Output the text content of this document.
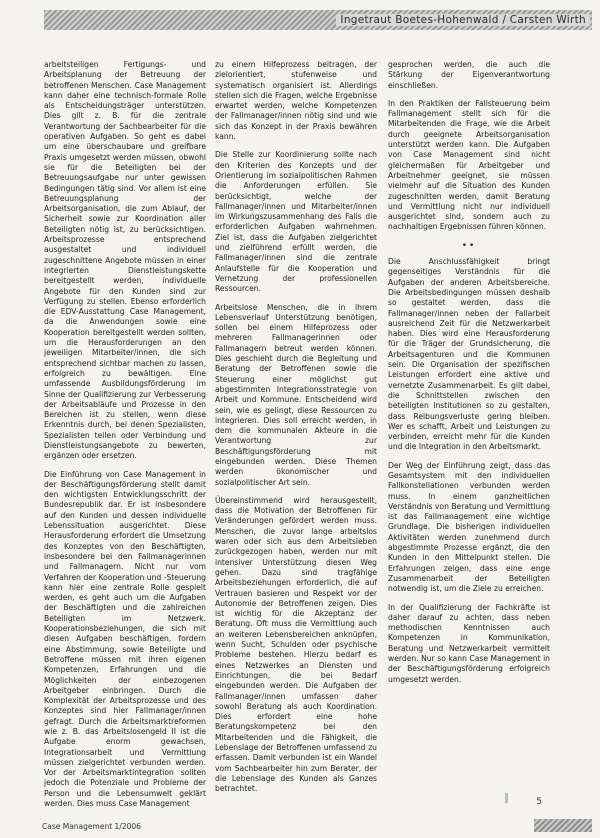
Ingetraut Boetes-Hohenwald / Carsten Wirth

arbeitsteiligen Fertigungs- und Arbeitsplanung der Betreuung der betroffenen Menschen. Case Management kann daher eine technisch-formale Rolle als Entscheidungsträger unterstützen. Dies gilt z. B. für die zentrale Verantwortung der Sachbearbeiter für die operativen Aufgaben. So geht es dabei um eine überschaubare und greifbare Praxis umgesetzt werden müssen, obwohl sie für die Beteiligten bei der Betreuungsaufgabe nur unter gewissen Bedingungen tätig sind. Vor allem ist eine Betreuungsplanung der Arbeitsorganisation, die zum Ablauf, der Sicherheit sowie zur Koordination aller Beteiligten nötig ist, zu berücksichtigen. Arbeitsprozesse entsprechend ausgestaltet und individuell zugeschnittene Angebote müssen in einer integrierten Dienstleistungskette bereitgestellt werden, individuelle Angebote für den Kunden sind zur Verfügung zu stellen. Ebenso erforderlich die EDV-Ausstattung Case Management, da die Anwendungen sowie eine Kooperation bereitgestellt werden sollten, um die Herausforderungen an den jeweiligen Mitarbeiter/innen, die sich entsprechend sichtbar machen zu lassen, erfolgreich zu bewältigen. Eine umfassende Ausbildungsförderung im Sinne der Qualifizierung zur Verbesserung der Arbeitsabläufe und Prozesse in den Bereichen ist zu stellen, wenn diese Erkenntnis durch, bei denen Spezialisten, Spezialisten teilen oder Verbindung und Dienstleistungsangebote zu bewerten, ergänzen oder ersetzen.

Die Einführung von Case Management in der Beschäftigungsförderung stellt damit den wichtigsten Entwicklungsschritt der Bundesrepublik dar. Er ist insbesondere auf den Kunden und dessen individuelle Lebenssituation ausgerichtet. Diese Herausforderung erfordert die Umsetzung des Konzeptes von den Beschäftigten, insbesondere bei den Fallmanagerinnen und Fallmanagern. Nicht nur vom Verfahren der Kooperation und -Steuerung kann hier eine zentrale Rolle gespielt werden, es geht auch um die Aufgaben der Beschäftigten und die zahlreichen Beteiligten im Netzwerk. Kooperationsbeziehungen, die sich mit diesen Aufgaben beschäftigen, fordern eine Abstimmung, sowie Beteiligte und Betroffene müssen mit ihren eigenen Kompetenzen, Erfahrungen und die Möglichkeiten der einbezogenen Arbeitgeber einbringen. Durch die Komplexität der Arbeitsprozesse und des Konzeptes sind hier Fallmanager/innen gefragt. Durch die Arbeitsmarktreformen wie z. B. das Arbeitslosengeld II ist die Aufgabe enorm gewachsen, Integrationsarbeit und Vermittlung müssen zielgerichtet verbunden werden. Vor der Arbeitsmarktintegration sollten jedoch die Potenziale und Probleme der Person und die Lebensumwelt geklärt werden. Dies muss Case Management

zu einem Hilfeprozess beitragen, der zielorientiert, stufenweise und systematisch organisiert ist. Allerdings stellen sich die Fragen, welche Ergebnisse erwartet werden, welche Kompetenzen der Fallmanager/innen nötig sind und wie sich das Konzept in der Praxis bewähren kann.

Die Stelle zur Koordinierung sollte nach den Kriterien des Konzepts und der Orientierung im sozialpolitischen Rahmen die Anforderungen erfüllen. Sie berücksichtigt, welche der Fallmanager/innen und Mitarbeiter/innen im Wirkungszusammenhang des Falls die erforderlichen Aufgaben wahrnehmen. Ziel ist, dass die Aufgaben zielgerichtet und zielführend erfüllt werden, die Fallmanager/innen sind die zentrale Anlaufstelle für die Kooperation und Vernetzung der professionellen Ressourcen.

Arbeitslose Menschen, die in ihrem Lebensverlauf Unterstützung benötigen, sollen bei einem Hilfeprozess oder mehreren Fallmanagerinnen oder Fallmanagern betreut werden können. Dies geschieht durch die Begleitung und Beratung der Betroffenen sowie die Steuerung einer möglichst gut abgestimmten Integrationsstrategie von Arbeit und Kommune. Entscheidend wird sein, wie es gelingt, diese Ressourcen zu integrieren. Dies soll erreicht werden, in dem die kommunalen Akteure in die Verantwortung zur Beschäftigungsförderung mit eingebunden werden. Diese Themen werden ökonomischer und sozialpolitischer Art sein.

Übereinstimmend wird herausgestellt, dass die Motivation der Betroffenen für Veränderungen gefördert werden muss. Menschen, die zuvor lange arbeitslos waren oder sich aus dem Arbeitsleben zurückgezogen haben, werden nur mit intensiver Unterstützung diesen Weg gehen. Dazu sind tragfähige Arbeitsbeziehungen erforderlich, die auf Vertrauen basieren und Respekt vor der Autonomie der Betroffenen zeigen. Dies ist wichtig für die Akzeptanz der Beratung. Oft muss die Vermittlung auch an weiteren Lebensbereichen anknüpfen, wenn Sucht, Schulden oder psychische Probleme bestehen. Hierzu bedarf es eines Netzwerkes an Diensten und Einrichtungen, die bei Bedarf eingebunden werden. Die Aufgaben der Fallmanager/innen umfassen daher sowohl Beratung als auch Koordination. Dies erfordert eine hohe Beratungskompetenz bei den Mitarbeitenden und die Fähigkeit, die Lebenslage der Betroffenen umfassend zu erfassen. Damit verbunden ist ein Wandel vom Sachbearbeiter hin zum Berater, der die Lebenslage des Kunden als Ganzes betrachtet.

gesprochen werden, die auch die Stärkung der Eigenverantwortung einschließen.

In den Praktiken der Fallsteuerung beim Fallmanagement stellt sich für die Mitarbeitenden die Frage, wie die Arbeit durch geeignete Arbeitsorganisation unterstützt werden kann. Die Aufgaben von Case Management sind nicht gleichermaßen für Arbeitgeber und Arbeitnehmer geeignet, sie müssen vielmehr auf die Situation des Kunden zugeschnitten werden, damit Beratung und Vermittlung nicht nur individuell ausgerichtet sind, sondern auch zu nachhaltigen Ergebnissen führen können.

••

Die Anschlussfähigkeit bringt gegenseitiges Verständnis für die Aufgaben der anderen Arbeitsbereiche. Die Arbeitsbedingungen müssen deshalb so gestaltet werden, dass die Fallmanager/innen neben der Fallarbeit ausreichend Zeit für die Netzwerkarbeit haben. Dies wird eine Herausforderung für die Träger der Grundsicherung, die Arbeitsagenturen und die Kommunen sein. Die Organisation der spezifischen Leistungen erfordert eine aktive und vernetzte Zusammenarbeit. Es gilt dabei, die Schnittstellen zwischen den beteiligten Institutionen so zu gestalten, dass Reibungsverluste gering bleiben. Wer es schafft, Arbeit und Leistungen zu verbinden, erreicht mehr für die Kunden und die Integration in den Arbeitsmarkt.

Der Weg der Einführung zeigt, dass das Gesamtsystem mit den individuellen Fallkonstellationen verbunden werden muss. In einem ganzheitlichen Verständnis von Beratung und Vermittlung ist das Fallmanagement eine wichtige Grundlage. Die bisherigen individuellen Aktivitäten werden zunehmend durch abgestimmte Prozesse ergänzt, die den Kunden in den Mittelpunkt stellen. Die Erfahrungen zeigen, dass eine enge Zusammenarbeit der Beteiligten notwendig ist, um die Ziele zu erreichen.

In der Qualifizierung der Fachkräfte ist daher darauf zu achten, dass neben methodischen Kenntnissen auch Kompetenzen in Kommunikation, Beratung und Netzwerkarbeit vermittelt werden. Nur so kann Case Management in der Beschäftigungsförderung erfolgreich umgesetzt werden.

5
Case Management 1/2006
